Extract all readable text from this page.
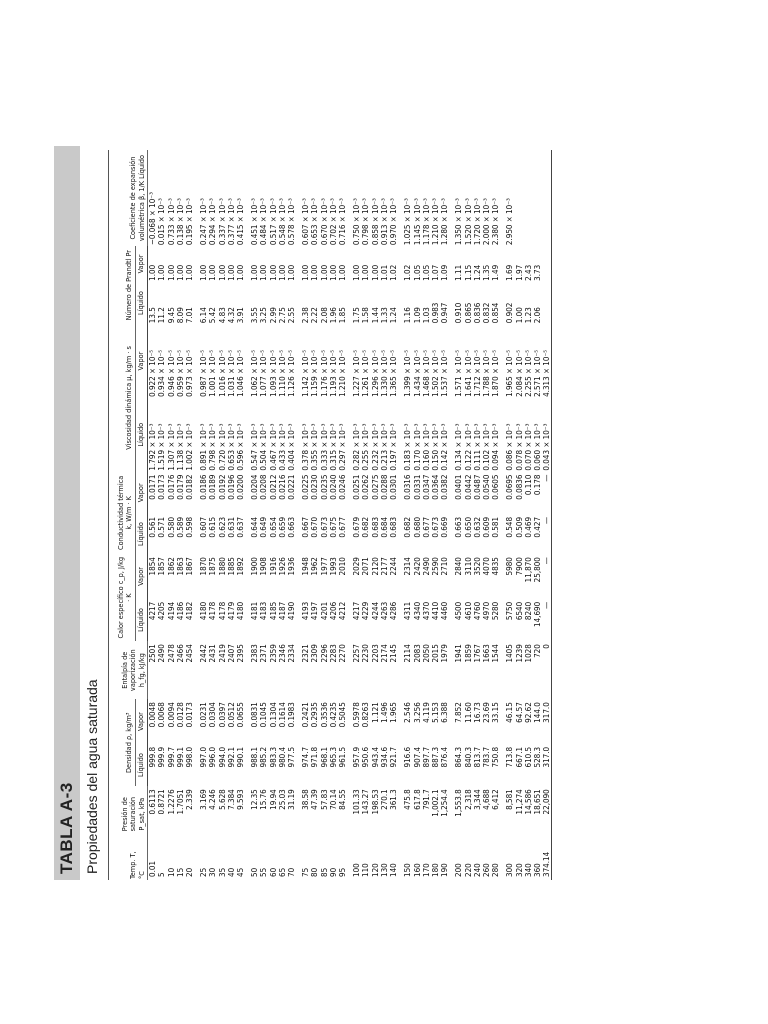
TABLA A-3 Propiedades del agua saturada	Temp. T, °C	Presión de saturación P_sat, kPa	Densidad ρ, kg/m³		Entalpía de vaporización h_fg, kJ/kg	Calor específico c_p, J/kg · K		Conductividad térmica k, W/m · K		Viscosidad dinámica μ, kg/m · s		Número de Prandtl Pr		Coeficiente de expansión volumétrica β, 1/K Líquido
		Líquido	Vapor		Líquido	Vapor	Líquido	Vapor	Líquido	Vapor	Líquido	Vapor	
0.01	0.6113	999.8	0.0048	2501	4217	1854	0.561	0.0171	1.792 × 10⁻³	0.922 × 10⁻⁵	13.5	1.00	−0.068 × 10⁻³
5	0.8721	999.9	0.0068	2490	4205	1857	0.571	0.0173	1.519 × 10⁻³	0.934 × 10⁻⁵	11.2	1.00	0.015 × 10⁻³
10	1.2276	999.7	0.0094	2478	4194	1862	0.580	0.0176	1.307 × 10⁻³	0.946 × 10⁻⁵	9.45	1.00	0.733 × 10⁻³
15	1.7051	999.1	0.0128	2466	4186	1863	0.589	0.0179	1.138 × 10⁻³	0.959 × 10⁻⁵	8.09	1.00	0.138 × 10⁻³
20	2.339	998.0	0.0173	2454	4182	1867	0.598	0.0182	1.002 × 10⁻³	0.973 × 10⁻⁵	7.01	1.00	0.195 × 10⁻³
25	3.169	997.0	0.0231	2442	4180	1870	0.607	0.0186	0.891 × 10⁻³	0.987 × 10⁻⁵	6.14	1.00	0.247 × 10⁻³
30	4.246	996.0	0.0304	2431	4178	1875	0.615	0.0189	0.798 × 10⁻³	1.001 × 10⁻⁵	5.42	1.00	0.294 × 10⁻³
35	5.628	994.0	0.0397	2419	4178	1880	0.623	0.0192	0.720 × 10⁻³	1.016 × 10⁻⁵	4.83	1.00	0.337 × 10⁻³
40	7.384	992.1	0.0512	2407	4179	1885	0.631	0.0196	0.653 × 10⁻³	1.031 × 10⁻⁵	4.32	1.00	0.377 × 10⁻³
45	9.593	990.1	0.0655	2395	4180	1892	0.637	0.0200	0.596 × 10⁻³	1.046 × 10⁻⁵	3.91	1.00	0.415 × 10⁻³
50	12.35	988.1	0.0831	2383	4181	1900	0.644	0.0204	0.547 × 10⁻³	1.062 × 10⁻⁵	3.55	1.00	0.451 × 10⁻³
55	15.76	985.2	0.1045	2371	4183	1908	0.649	0.0208	0.504 × 10⁻³	1.077 × 10⁻⁵	3.25	1.00	0.484 × 10⁻³
60	19.94	983.3	0.1304	2359	4185	1916	0.654	0.0212	0.467 × 10⁻³	1.093 × 10⁻⁵	2.99	1.00	0.517 × 10⁻³
65	25.03	980.4	0.1614	2346	4187	1926	0.659	0.0216	0.433 × 10⁻³	1.110 × 10⁻⁵	2.75	1.00	0.548 × 10⁻³
70	31.19	977.5	0.1983	2334	4190	1936	0.663	0.0221	0.404 × 10⁻³	1.126 × 10⁻⁵	2.55	1.00	0.578 × 10⁻³
75	38.58	974.7	0.2421	2321	4193	1948	0.667	0.0225	0.378 × 10⁻³	1.142 × 10⁻⁵	2.38	1.00	0.607 × 10⁻³
80	47.39	971.8	0.2935	2309	4197	1962	0.670	0.0230	0.355 × 10⁻³	1.159 × 10⁻⁵	2.22	1.00	0.653 × 10⁻³
85	57.83	968.1	0.3536	2296	4201	1977	0.673	0.0235	0.333 × 10⁻³	1.176 × 10⁻⁵	2.08	1.00	0.670 × 10⁻³
90	70.14	965.3	0.4235	2283	4206	1993	0.675	0.0240	0.315 × 10⁻³	1.193 × 10⁻⁵	1.96	1.00	0.702 × 10⁻³
95	84.55	961.5	0.5045	2270	4212	2010	0.677	0.0246	0.297 × 10⁻³	1.210 × 10⁻⁵	1.85	1.00	0.716 × 10⁻³
100	101.33	957.9	0.5978	2257	4217	2029	0.679	0.0251	0.282 × 10⁻³	1.227 × 10⁻⁵	1.75	1.00	0.750 × 10⁻³
110	143.27	950.6	0.8263	2230	4229	2071	0.682	0.0262	0.255 × 10⁻³	1.261 × 10⁻⁵	1.58	1.00	0.798 × 10⁻³
120	198.53	943.4	1.121	2203	4244	2120	0.683	0.0275	0.232 × 10⁻³	1.296 × 10⁻⁵	1.44	1.00	0.858 × 10⁻³
130	270.1	934.6	1.496	2174	4263	2177	0.684	0.0288	0.213 × 10⁻³	1.330 × 10⁻⁵	1.33	1.01	0.913 × 10⁻³
140	361.3	921.7	1.965	2145	4286	2244	0.683	0.0301	0.197 × 10⁻³	1.365 × 10⁻⁵	1.24	1.02	0.970 × 10⁻³
150	475.8	916.6	2.546	2114	4311	2314	0.682	0.0316	0.183 × 10⁻³	1.399 × 10⁻⁵	1.16	1.02	1.025 × 10⁻³
160	617.8	907.4	3.256	2083	4340	2420	0.680	0.0331	0.170 × 10⁻³	1.434 × 10⁻⁵	1.09	1.05	1.145 × 10⁻³
170	791.7	897.7	4.119	2050	4370	2490	0.677	0.0347	0.160 × 10⁻³	1.468 × 10⁻⁵	1.03	1.05	1.178 × 10⁻³
180	1,002.1	887.3	5.153	2015	4410	2590	0.673	0.0364	0.150 × 10⁻³	1.502 × 10⁻⁵	0.983	1.07	1.210 × 10⁻³
190	1,254.4	876.4	6.388	1979	4460	2710	0.669	0.0382	0.142 × 10⁻³	1.537 × 10⁻⁵	0.947	1.09	1.280 × 10⁻³
200	1,553.8	864.3	7.852	1941	4500	2840	0.663	0.0401	0.134 × 10⁻³	1.571 × 10⁻⁵	0.910	1.11	1.350 × 10⁻³
220	2,318	840.3	11.60	1859	4610	3110	0.650	0.0442	0.122 × 10⁻³	1.641 × 10⁻⁵	0.865	1.15	1.520 × 10⁻³
240	3,344	813.7	16.73	1767	4760	3520	0.632	0.0487	0.111 × 10⁻³	1.712 × 10⁻⁵	0.836	1.24	1.720 × 10⁻³
260	4,688	783.7	23.69	1663	4970	4070	0.609	0.0540	0.102 × 10⁻³	1.788 × 10⁻⁵	0.832	1.35	2.000 × 10⁻³
280	6,412	750.8	33.15	1544	5280	4835	0.581	0.0605	0.094 × 10⁻³	1.870 × 10⁻⁵	0.854	1.49	2.380 × 10⁻³
300	8,581	713.8	46.15	1405	5750	5980	0.548	0.0695	0.086 × 10⁻³	1.965 × 10⁻⁵	0.902	1.69	2.950 × 10⁻³
320	11,274	667.1	64.57	1239	6540	7900	0.509	0.0836	0.078 × 10⁻³	2.084 × 10⁻⁵	1.00	1.97	
340	14,586	610.5	92.62	1028	8240	11,870	0.469	0.110	0.070 × 10⁻³	2.255 × 10⁻⁵	1.23	2.43	
360	18,651	528.3	144.0	720	14,690	25,800	0.427	0.178	0.060 × 10⁻³	2.571 × 10⁻⁵	2.06	3.73	
374.14	22,090	317.0	317.0	0	—	—	—	—	0.043 × 10⁻³	4.313 × 10⁻⁵			
